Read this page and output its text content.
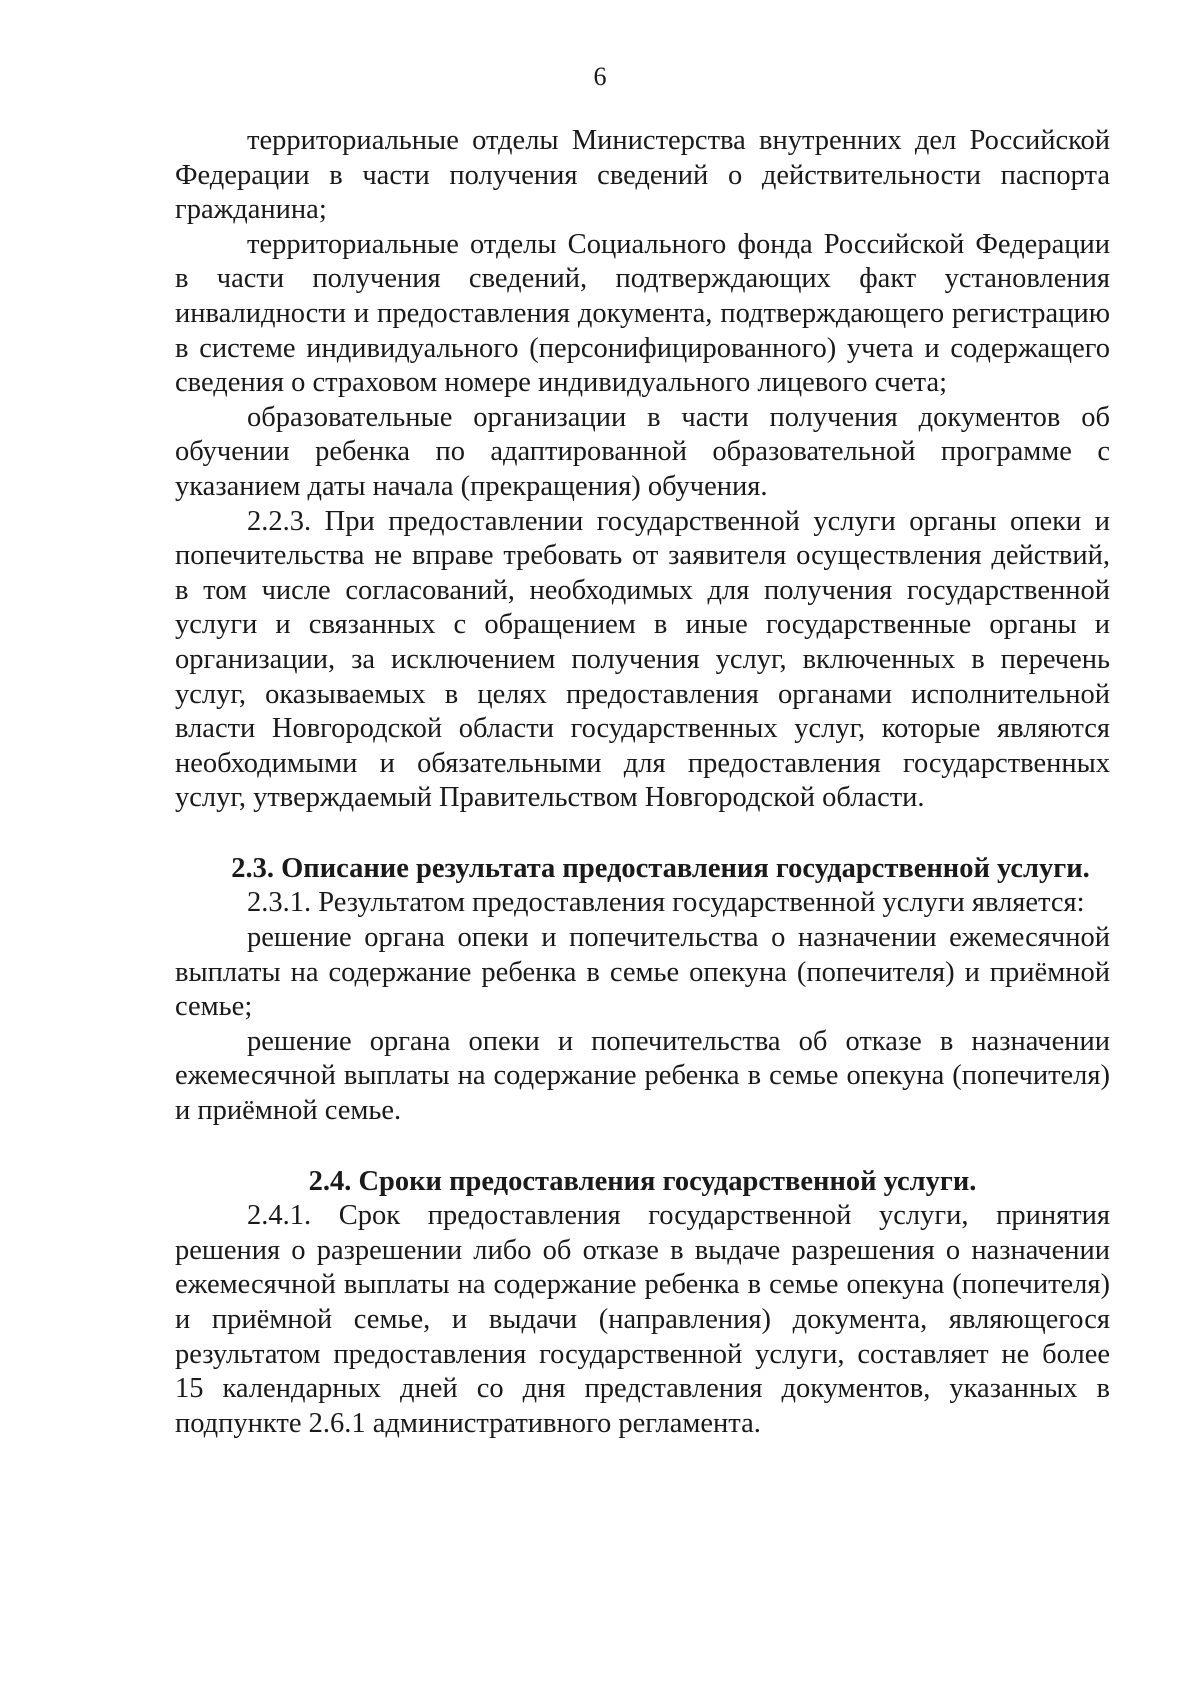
6

территориальные отделы Министерства внутренних дел Российской Федерации в части получения сведений о действительности паспорта гражданина;

территориальные отделы Социального фонда Российской Федерации в части получения сведений, подтверждающих факт установления инвалидности и предоставления документа, подтверждающего регистрацию в системе индивидуального (персонифицированного) учета и содержащего сведения о страховом номере индивидуального лицевого счета;

образовательные организации в части получения документов об обучении ребенка по адаптированной образовательной программе с указанием даты начала (прекращения) обучения.

2.2.3. При предоставлении государственной услуги органы опеки и попечительства не вправе требовать от заявителя осуществления действий, в том числе согласований, необходимых для получения государственной услуги и связанных с обращением в иные государственные органы и организации, за исключением получения услуг, включенных в перечень услуг, оказываемых в целях предоставления органами исполнительной власти Новгородской области государственных услуг, которые являются необходимыми и обязательными для предоставления государственных услуг, утверждаемый Правительством Новгородской области.

2.3. Описание результата предоставления государственной услуги.

2.3.1. Результатом предоставления государственной услуги является:

решение органа опеки и попечительства о назначении ежемесячной выплаты на содержание ребенка в семье опекуна (попечителя) и приёмной семье;

решение органа опеки и попечительства об отказе в назначении ежемесячной выплаты на содержание ребенка в семье опекуна (попечителя) и приёмной семье.

2.4. Сроки предоставления государственной услуги.

2.4.1. Срок предоставления государственной услуги, принятия решения о разрешении либо об отказе в выдаче разрешения о назначении ежемесячной выплаты на содержание ребенка в семье опекуна (попечителя) и приёмной семье, и выдачи (направления) документа, являющегося результатом предоставления государственной услуги, составляет не более 15 календарных дней со дня представления документов, указанных в подпункте 2.6.1 административного регламента.
